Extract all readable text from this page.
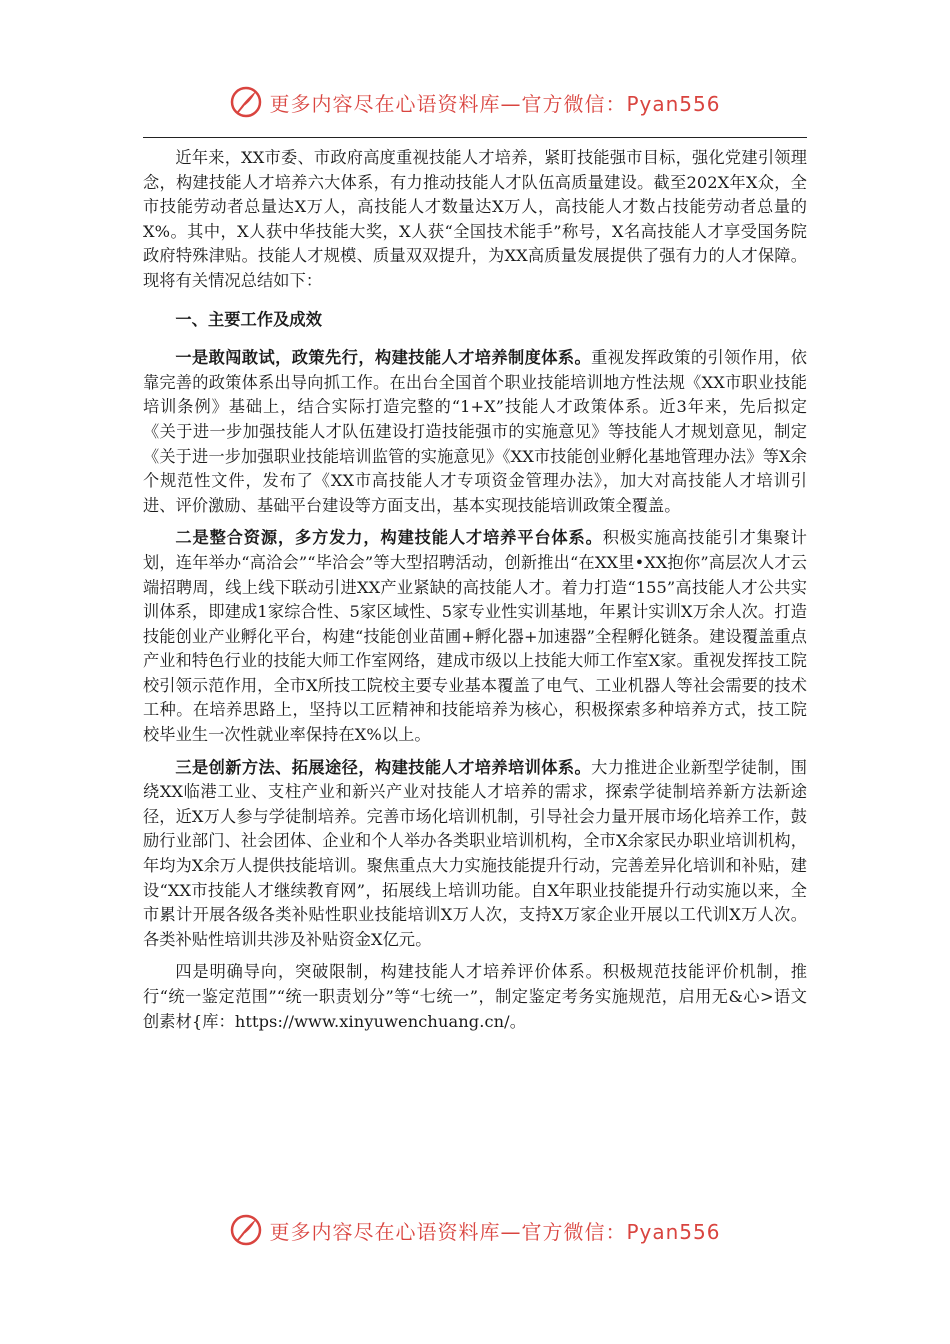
更多内容尽在心语资料库—官方微信：Pyan556

近年来，XX市委、市政府高度重视技能人才培养，紧盯技能强市目标，强化党建引领理念，构建技能人才培养六大体系，有力推动技能人才队伍高质量建设。截至202X年X众，全市技能劳动者总量达X万人，高技能人才数量达X万人，高技能人才数占技能劳动者总量的X%。其中，X人获中华技能大奖，X人获“全国技术能手”称号，X名高技能人才享受国务院政府特殊津贴。技能人才规模、质量双双提升，为XX高质量发展提供了强有力的人才保障。现将有关情况总结如下：

一、主要工作及成效

一是敢闯敢试，政策先行，构建技能人才培养制度体系。重视发挥政策的引领作用，依靠完善的政策体系出导向抓工作。在出台全国首个职业技能培训地方性法规《XX市职业技能培训条例》基础上，结合实际打造完整的“1+X”技能人才政策体系。近3年来，先后拟定《关于进一步加强技能人才队伍建设打造技能强市的实施意见》等技能人才规划意见，制定《关于进一步加强职业技能培训监管的实施意见》《XX市技能创业孵化基地管理办法》等X余个规范性文件，发布了《XX市高技能人才专项资金管理办法》，加大对高技能人才培训引进、评价激励、基础平台建设等方面支出，基本实现技能培训政策全覆盖。

二是整合资源，多方发力，构建技能人才培养平台体系。积极实施高技能引才集聚计划，连年举办“高洽会”“毕洽会”等大型招聘活动，创新推出“在XX里•XX抱你”高层次人才云端招聘周，线上线下联动引进XX产业紧缺的高技能人才。着力打造“155”高技能人才公共实训体系，即建成1家综合性、5家区域性、5家专业性实训基地，年累计实训X万余人次。打造技能创业产业孵化平台，构建“技能创业苗圃+孵化器+加速器”全程孵化链条。建设覆盖重点产业和特色行业的技能大师工作室网络，建成市级以上技能大师工作室X家。重视发挥技工院校引领示范作用，全市X所技工院校主要专业基本覆盖了电气、工业机器人等社会需要的技术工种。在培养思路上，坚持以工匠精神和技能培养为核心，积极探索多种培养方式，技工院校毕业生一次性就业率保持在X%以上。

三是创新方法、拓展途径，构建技能人才培养培训体系。大力推进企业新型学徒制，围绕XX临港工业、支柱产业和新兴产业对技能人才培养的需求，探索学徒制培养新方法新途径，近X万人参与学徒制培养。完善市场化培训机制，引导社会力量开展市场化培养工作，鼓励行业部门、社会团体、企业和个人举办各类职业培训机构，全市X余家民办职业培训机构，年均为X余万人提供技能培训。聚焦重点大力实施技能提升行动，完善差异化培训和补贴，建设“XX市技能人才继续教育网”，拓展线上培训功能。自X年职业技能提升行动实施以来，全市累计开展各级各类补贴性职业技能培训X万人次，支持X万家企业开展以工代训X万人次。各类补贴性培训共涉及补贴资金X亿元。

四是明确导向，突破限制，构建技能人才培养评价体系。积极规范技能评价机制，推行“统一鉴定范围”“统一职责划分”等“七统一”，制定鉴定考务实施规范，启用无&心>语文创素材{库：https://www.xinyuwenchuang.cn/。

更多内容尽在心语资料库—官方微信：Pyan556
